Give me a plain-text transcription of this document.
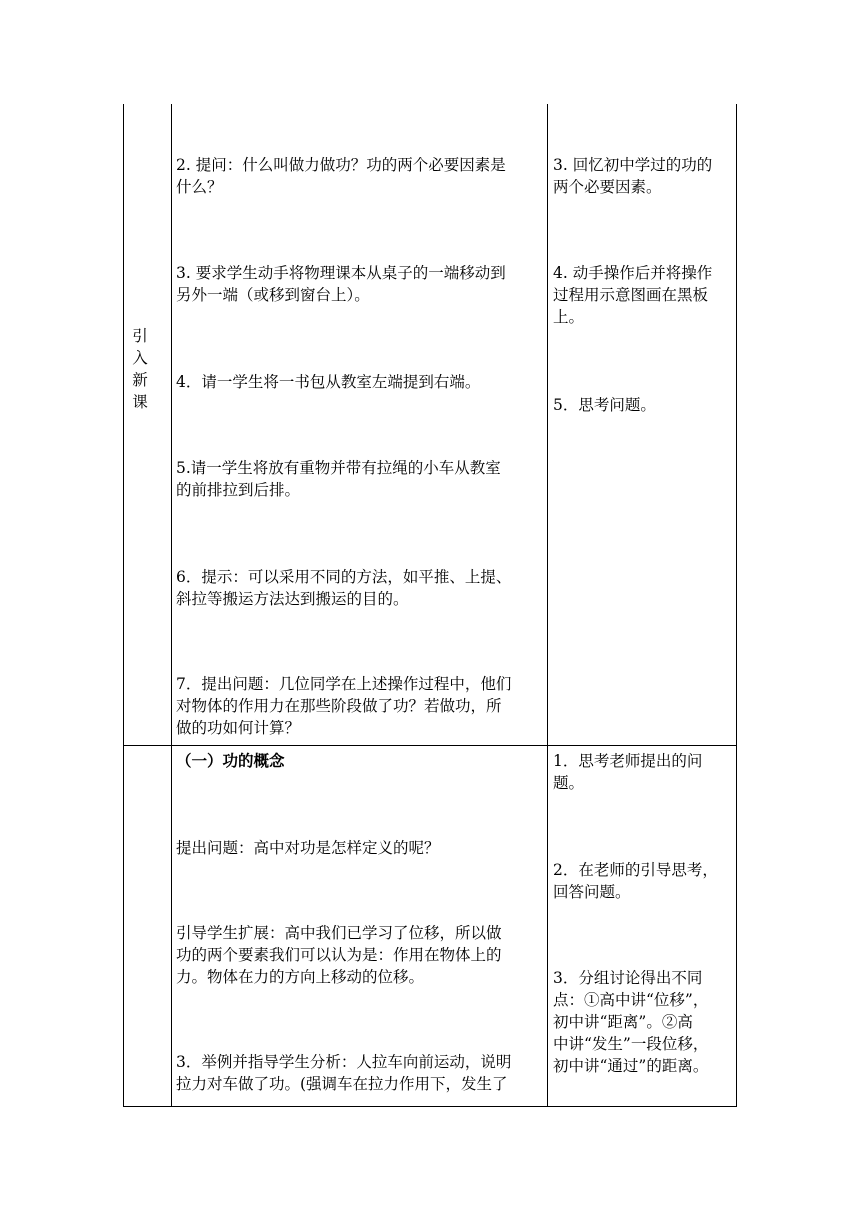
引
入
新
课
2. 提问：什么叫做力做功？功的两个必要因素是
什么？
3. 要求学生动手将物理课本从桌子的一端移动到
另外一端（或移到窗台上）。
4．请一学生将一书包从教室左端提到右端。
5.请一学生将放有重物并带有拉绳的小车从教室
的前排拉到后排。
6．提示：可以采用不同的方法，如平推、上提、
斜拉等搬运方法达到搬运的目的。
7．提出问题：几位同学在上述操作过程中，他们
对物体的作用力在那些阶段做了功？若做功，所
做的功如何计算？
3. 回忆初中学过的功的
两个必要因素。
4. 动手操作后并将操作
过程用示意图画在黑板
上。
5．思考问题。
（一）功的概念
提出问题：高中对功是怎样定义的呢？
引导学生扩展：高中我们已学习了位移，所以做
功的两个要素我们可以认为是：作用在物体上的
力。物体在力的方向上移动的位移。
3．举例并指导学生分析：人拉车向前运动，说明
拉力对车做了功。(强调车在拉力作用下，发生了
1．思考老师提出的问
题。
2．在老师的引导思考，
回答问题。
3．分组讨论得出不同
点：①高中讲“位移”，
初中讲“距离”。②高
中讲“发生”一段位移，
初中讲“通过”的距离。
